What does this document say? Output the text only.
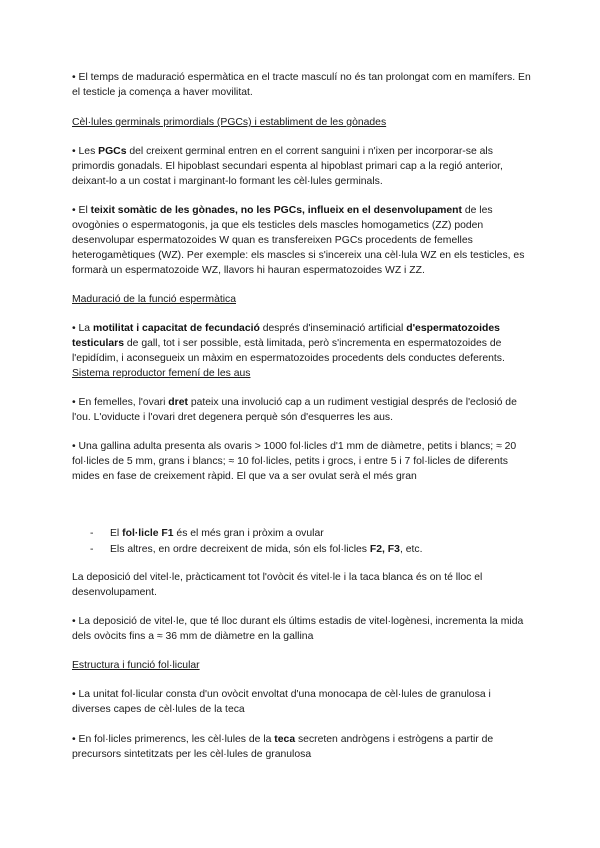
• El temps de maduració espermàtica en el tracte masculí no és tan prolongat com en mamífers. En el testicle ja comença a haver movilitat.

Cèl·lules germinals primordials (PGCs) i establiment de les gònades

• Les PGCs del creixent germinal entren en el corrent sanguini i n'ixen per incorporar-se als primordis gonadals. El hipoblast secundari espenta al hipoblast primari cap a la regió anterior, deixant-lo a un costat i marginant-lo formant les cèl·lules germinals.

• El teixit somàtic de les gònades, no les PGCs, influeix en el desenvolupament de les ovogònies o espermatogonis, ja que els testicles dels mascles homogametics (ZZ) poden desenvolupar espermatozoides W quan es transfereixen PGCs procedents de femelles heterogamètiques (WZ). Per exemple: els mascles si s'incereix una cèl·lula WZ en els testicles, es formarà un espermatozoide WZ, llavors hi hauran espermatozoides WZ i ZZ.

Maduració de la funció espermàtica

• La motilitat i capacitat de fecundació després d'inseminació artificial d'espermatozoides testiculars de gall, tot i ser possible, està limitada, però s'incrementa en espermatozoides de l'epidídim, i aconsegueix un màxim en espermatozoides procedents dels conductes deferents.

Sistema reproductor femení de les aus

• En femelles, l'ovari dret pateix una involució cap a un rudiment vestigial després de l'eclosió de l'ou. L'oviducte i l'ovari dret degenera perquè són d'esquerres les aus.

• Una gallina adulta presenta als ovaris > 1000 fol·licles d'1 mm de diàmetre, petits i blancs; ≈ 20 fol·licles de 5 mm, grans i blancs; ≈ 10 fol·licles, petits i grocs, i entre 5 i 7 fol·licles de diferents mides en fase de creixement ràpid. El que va a ser ovulat serà el més gran

- El fol·licle F1 és el més gran i pròxim a ovular
- Els altres, en ordre decreixent de mida, són els fol·licles F2, F3, etc.

La deposició del vitel·le, pràcticament tot l'ovòcit és vitel·le i la taca blanca és on té lloc el desenvolupament.

• La deposició de vitel·le, que té lloc durant els últims estadis de vitel·logènesi, incrementa la mida dels ovòcits fins a ≈ 36 mm de diàmetre en la gallina

Estructura i funció fol·licular

• La unitat fol·licular consta d'un ovòcit envoltat d'una monocapa de cèl·lules de granulosa i diverses capes de cèl·lules de la teca

• En fol·licles primerencs, les cèl·lules de la teca secreten andrògens i estrògens a partir de precursors sintetitzats per les cèl·lules de granulosa
